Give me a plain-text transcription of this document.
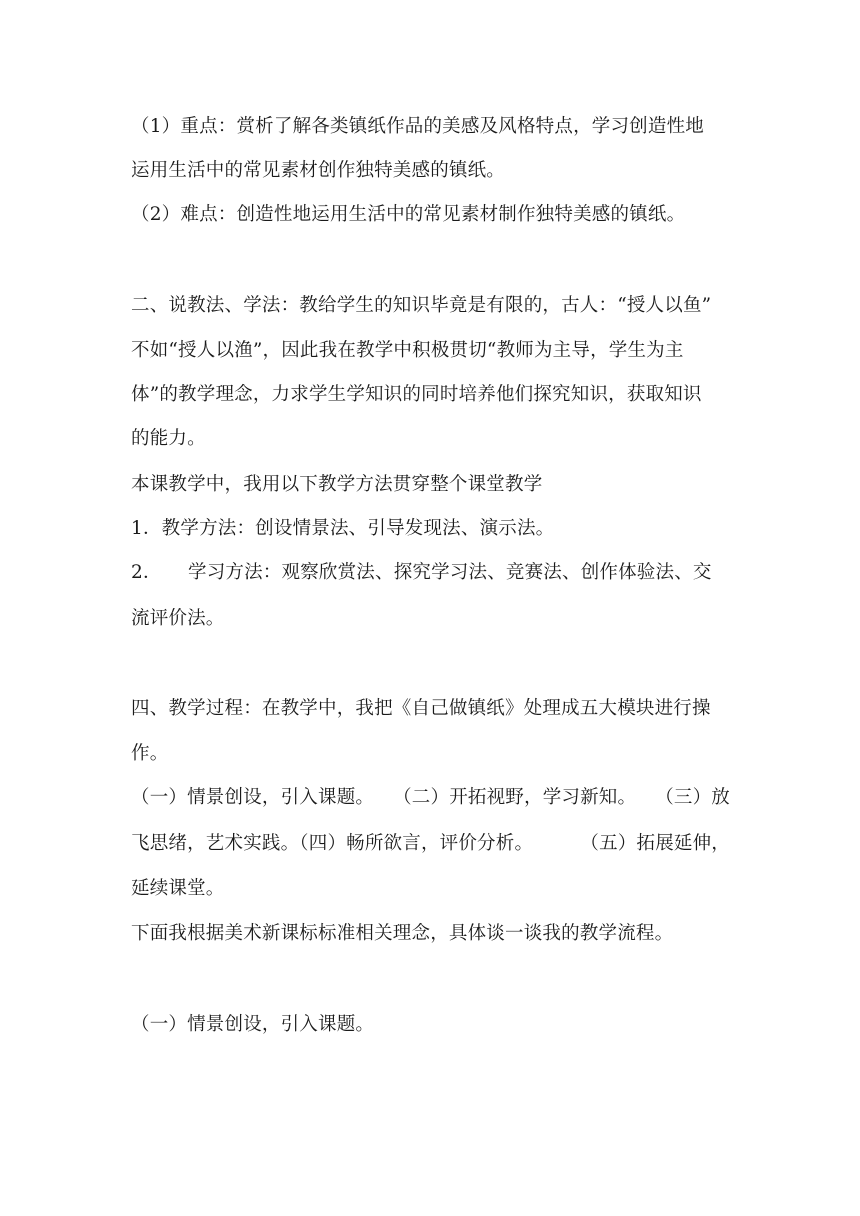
（1）重点：赏析了解各类镇纸作品的美感及风格特点，学习创造性地
运用生活中的常见素材创作独特美感的镇纸。
（2）难点：创造性地运用生活中的常见素材制作独特美感的镇纸。
二、说教法、学法：教给学生的知识毕竟是有限的，古人：“授人以鱼”
不如“授人以渔”，因此我在教学中积极贯切“教师为主导，学生为主
体”的教学理念，力求学生学知识的同时培养他们探究知识，获取知识
的能力。
本课教学中，我用以下教学方法贯穿整个课堂教学
1．教学方法：创设情景法、引导发现法、演示法。
2． 学习方法：观察欣赏法、探究学习法、竞赛法、创作体验法、交
流评价法。
四、教学过程：在教学中，我把《自己做镇纸》处理成五大模块进行操
作。
（一）情景创设，引入课题。 （二）开拓视野，学习新知。 （三）放
飞思绪，艺术实践。（四）畅所欲言，评价分析。	（五）拓展延伸，
延续课堂。
下面我根据美术新课标标准相关理念，具体谈一谈我的教学流程。
（一）情景创设，引入课题。
